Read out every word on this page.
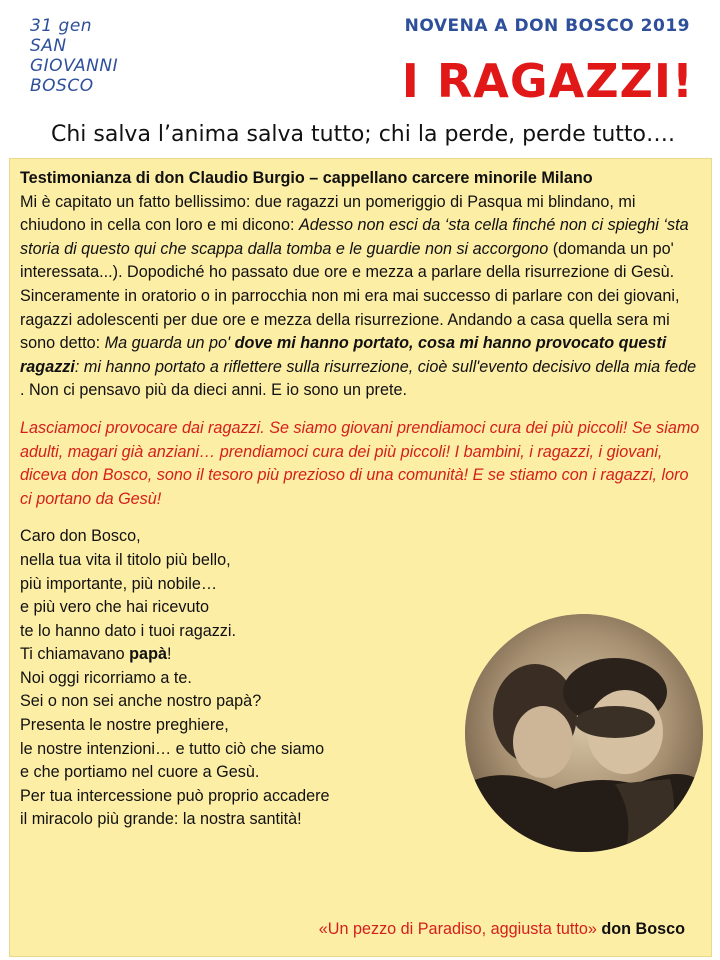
31 gen
SAN
GIOVANNI
BOSCO
NOVENA A DON BOSCO 2019
I RAGAZZI!
Chi salva l’anima salva tutto; chi la perde, perde tutto….

Testimonianza di don Claudio Burgio – cappellano carcere minorile Milano

Mi è capitato un fatto bellissimo: due ragazzi un pomeriggio di Pasqua mi blindano, mi chiudono in cella con loro e mi dicono: Adesso non esci da ‘sta cella finché non ci spieghi ‘sta storia di questo qui che scappa dalla tomba e le guardie non si accorgono (domanda un po' interessata...). Dopodiché ho passato due ore e mezza a parlare della risurrezione di Gesù. Sinceramente in oratorio o in parrocchia non mi era mai successo di parlare con dei giovani, ragazzi adolescenti per due ore e mezza della risurrezione. Andando a casa quella sera mi sono detto: Ma guarda un po' dove mi hanno portato, cosa mi hanno provocato questi ragazzi: mi hanno portato a riflettere sulla risurrezione, cioè sull'evento decisivo della mia fede . Non ci pensavo più da dieci anni. E io sono un prete.

Lasciamoci provocare dai ragazzi. Se siamo giovani prendiamoci cura dei più piccoli! Se siamo adulti, magari già anziani… prendiamoci cura dei più piccoli! I bambini, i ragazzi, i giovani, diceva don Bosco, sono il tesoro più prezioso di una comunità! E se stiamo con i ragazzi, loro ci portano da Gesù!

Caro don Bosco,
nella tua vita il titolo più bello,
più importante, più nobile…
e più vero che hai ricevuto
te lo hanno dato i tuoi ragazzi.
Ti chiamavano papà!
Noi oggi ricorriamo a te.
Sei o non sei anche nostro papà?
Presenta le nostre preghiere,
le nostre intenzioni… e tutto ciò che siamo
e che portiamo nel cuore a Gesù.
Per tua intercessione può proprio accadere
il miracolo più grande: la nostra santità!
«Un pezzo di Paradiso, aggiusta tutto» don Bosco
